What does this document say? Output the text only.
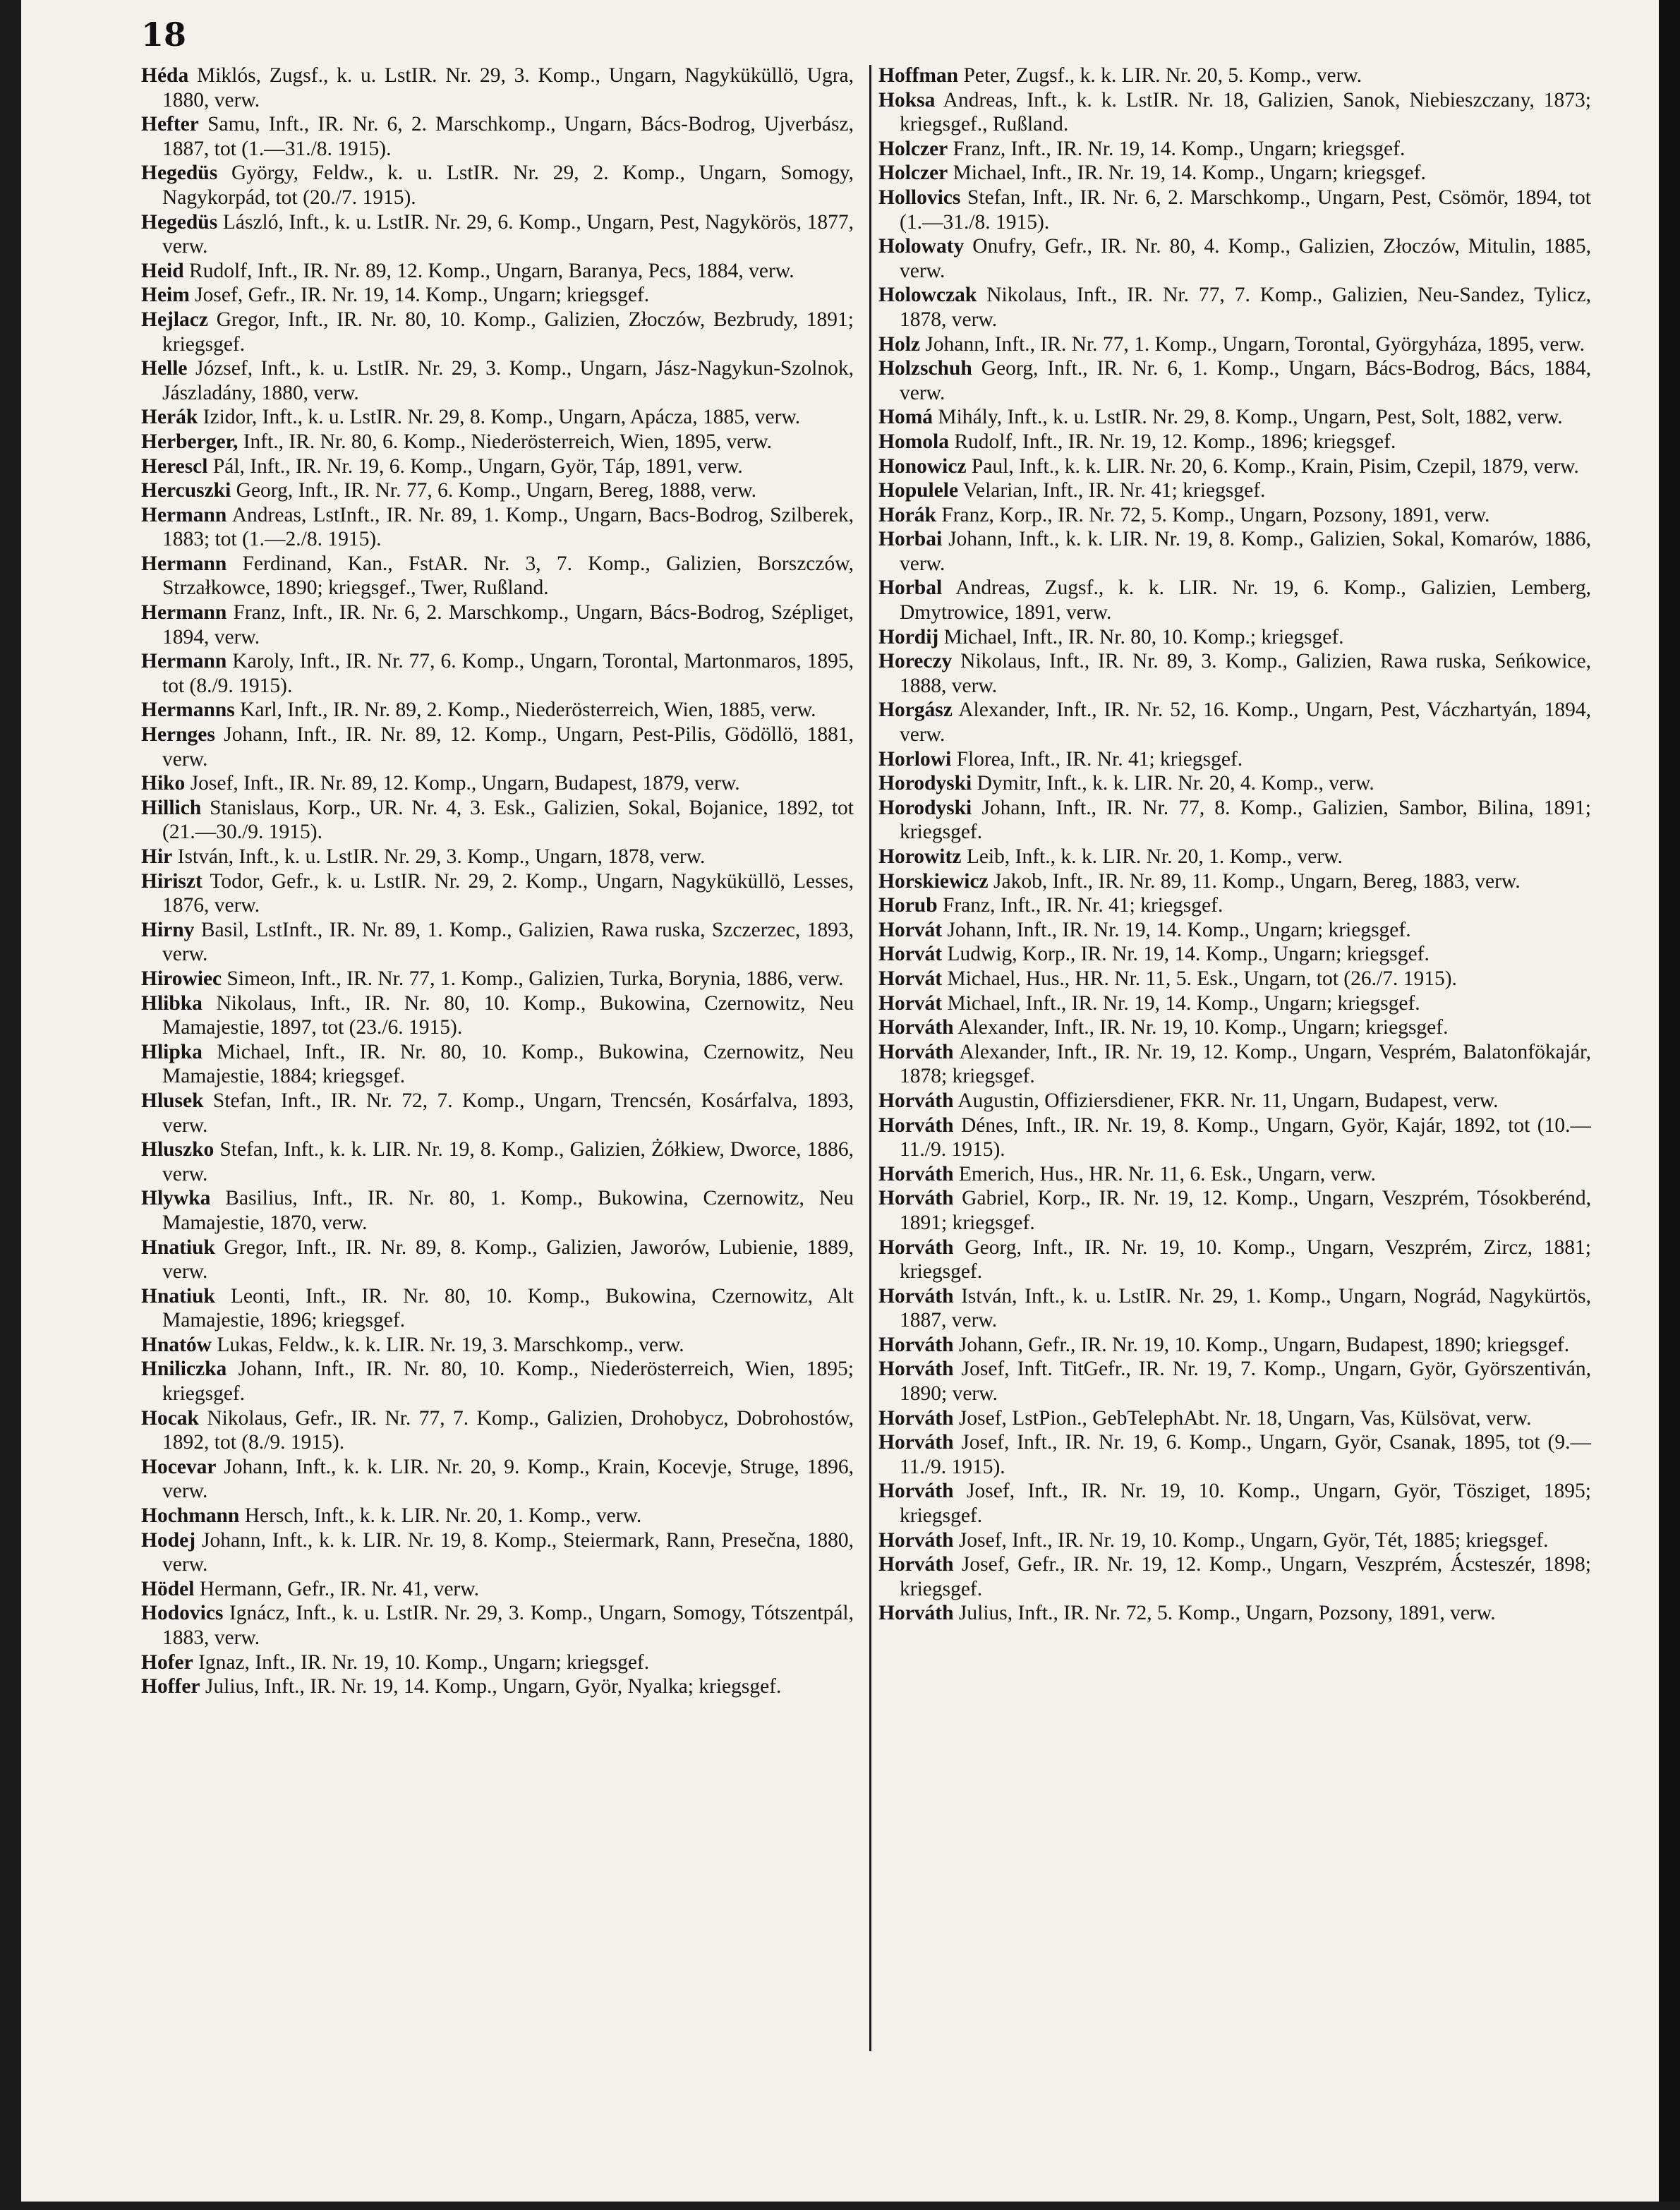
18

Héda Miklós, Zugsf., k. u. LstIR. Nr. 29, 3. Komp., Ungarn, Nagyküküllö, Ugra, 1880, verw.

Hefter Samu, Inft., IR. Nr. 6, 2. Marschkomp., Ungarn, Bács-Bodrog, Ujverbász, 1887, tot (1.—31./8. 1915).

Hegedüs György, Feldw., k. u. LstIR. Nr. 29, 2. Komp., Ungarn, Somogy, Nagykorpád, tot (20./7. 1915).

Hegedüs László, Inft., k. u. LstIR. Nr. 29, 6. Komp., Ungarn, Pest, Nagykörös, 1877, verw.

Heid Rudolf, Inft., IR. Nr. 89, 12. Komp., Ungarn, Baranya, Pecs, 1884, verw.

Heim Josef, Gefr., IR. Nr. 19, 14. Komp., Ungarn; kriegsgef.

Hejlacz Gregor, Inft., IR. Nr. 80, 10. Komp., Galizien, Złoczów, Bezbrudy, 1891; kriegsgef.

Helle József, Inft., k. u. LstIR. Nr. 29, 3. Komp., Ungarn, Jász-Nagykun-Szolnok, Jászladány, 1880, verw.

Herák Izidor, Inft., k. u. LstIR. Nr. 29, 8. Komp., Ungarn, Apácza, 1885, verw.

Herberger, Inft., IR. Nr. 80, 6. Komp., Niederösterreich, Wien, 1895, verw.

Herescl Pál, Inft., IR. Nr. 19, 6. Komp., Ungarn, Györ, Táp, 1891, verw.

Hercuszki Georg, Inft., IR. Nr. 77, 6. Komp., Ungarn, Bereg, 1888, verw.

Hermann Andreas, LstInft., IR. Nr. 89, 1. Komp., Ungarn, Bacs-Bodrog, Szilberek, 1883; tot (1.—2./8. 1915).

Hermann Ferdinand, Kan., FstAR. Nr. 3, 7. Komp., Galizien, Borszczów, Strzałkowce, 1890; kriegsgef., Twer, Rußland.

Hermann Franz, Inft., IR. Nr. 6, 2. Marschkomp., Ungarn, Bács-Bodrog, Szépliget, 1894, verw.

Hermann Karoly, Inft., IR. Nr. 77, 6. Komp., Ungarn, Torontal, Martonmaros, 1895, tot (8./9. 1915).

Hermanns Karl, Inft., IR. Nr. 89, 2. Komp., Niederösterreich, Wien, 1885, verw.

Hernges Johann, Inft., IR. Nr. 89, 12. Komp., Ungarn, Pest-Pilis, Gödöllö, 1881, verw.

Hiko Josef, Inft., IR. Nr. 89, 12. Komp., Ungarn, Budapest, 1879, verw.

Hillich Stanislaus, Korp., UR. Nr. 4, 3. Esk., Galizien, Sokal, Bojanice, 1892, tot (21.—30./9. 1915).

Hir István, Inft., k. u. LstIR. Nr. 29, 3. Komp., Ungarn, 1878, verw.

Hiriszt Todor, Gefr., k. u. LstIR. Nr. 29, 2. Komp., Ungarn, Nagyküküllö, Lesses, 1876, verw.

Hirny Basil, LstInft., IR. Nr. 89, 1. Komp., Galizien, Rawa ruska, Szczerzec, 1893, verw.

Hirowiec Simeon, Inft., IR. Nr. 77, 1. Komp., Galizien, Turka, Borynia, 1886, verw.

Hlibka Nikolaus, Inft., IR. Nr. 80, 10. Komp., Bukowina, Czernowitz, Neu Mamajestie, 1897, tot (23./6. 1915).

Hlipka Michael, Inft., IR. Nr. 80, 10. Komp., Bukowina, Czernowitz, Neu Mamajestie, 1884; kriegsgef.

Hlusek Stefan, Inft., IR. Nr. 72, 7. Komp., Ungarn, Trencsén, Kosárfalva, 1893, verw.

Hluszko Stefan, Inft., k. k. LIR. Nr. 19, 8. Komp., Galizien, Żółkiew, Dworce, 1886, verw.

Hlywka Basilius, Inft., IR. Nr. 80, 1. Komp., Bukowina, Czernowitz, Neu Mamajestie, 1870, verw.

Hnatiuk Gregor, Inft., IR. Nr. 89, 8. Komp., Galizien, Jaworów, Lubienie, 1889, verw.

Hnatiuk Leonti, Inft., IR. Nr. 80, 10. Komp., Bukowina, Czernowitz, Alt Mamajestie, 1896; kriegsgef.

Hnatów Lukas, Feldw., k. k. LIR. Nr. 19, 3. Marschkomp., verw.

Hniliczka Johann, Inft., IR. Nr. 80, 10. Komp., Niederösterreich, Wien, 1895; kriegsgef.

Hocak Nikolaus, Gefr., IR. Nr. 77, 7. Komp., Galizien, Drohobycz, Dobrohostów, 1892, tot (8./9. 1915).

Hocevar Johann, Inft., k. k. LIR. Nr. 20, 9. Komp., Krain, Kocevje, Struge, 1896, verw.

Hochmann Hersch, Inft., k. k. LIR. Nr. 20, 1. Komp., verw.

Hodej Johann, Inft., k. k. LIR. Nr. 19, 8. Komp., Steiermark, Rann, Presečna, 1880, verw.

Hödel Hermann, Gefr., IR. Nr. 41, verw.

Hodovics Ignácz, Inft., k. u. LstIR. Nr. 29, 3. Komp., Ungarn, Somogy, Tótszentpál, 1883, verw.

Hofer Ignaz, Inft., IR. Nr. 19, 10. Komp., Ungarn; kriegsgef.

Hoffer Julius, Inft., IR. Nr. 19, 14. Komp., Ungarn, Györ, Nyalka; kriegsgef.

Hoffman Peter, Zugsf., k. k. LIR. Nr. 20, 5. Komp., verw.

Hoksa Andreas, Inft., k. k. LstIR. Nr. 18, Galizien, Sanok, Niebieszczany, 1873; kriegsgef., Rußland.

Holczer Franz, Inft., IR. Nr. 19, 14. Komp., Ungarn; kriegsgef.

Holczer Michael, Inft., IR. Nr. 19, 14. Komp., Ungarn; kriegsgef.

Hollovics Stefan, Inft., IR. Nr. 6, 2. Marschkomp., Ungarn, Pest, Csömör, 1894, tot (1.—31./8. 1915).

Holowaty Onufry, Gefr., IR. Nr. 80, 4. Komp., Galizien, Złoczów, Mitulin, 1885, verw.

Holowczak Nikolaus, Inft., IR. Nr. 77, 7. Komp., Galizien, Neu-Sandez, Tylicz, 1878, verw.

Holz Johann, Inft., IR. Nr. 77, 1. Komp., Ungarn, Torontal, Györgyháza, 1895, verw.

Holzschuh Georg, Inft., IR. Nr. 6, 1. Komp., Ungarn, Bács-Bodrog, Bács, 1884, verw.

Homá Mihály, Inft., k. u. LstIR. Nr. 29, 8. Komp., Ungarn, Pest, Solt, 1882, verw.

Homola Rudolf, Inft., IR. Nr. 19, 12. Komp., 1896; kriegsgef.

Honowicz Paul, Inft., k. k. LIR. Nr. 20, 6. Komp., Krain, Pisim, Czepil, 1879, verw.

Hopulele Velarian, Inft., IR. Nr. 41; kriegsgef.

Horák Franz, Korp., IR. Nr. 72, 5. Komp., Ungarn, Pozsony, 1891, verw.

Horbai Johann, Inft., k. k. LIR. Nr. 19, 8. Komp., Galizien, Sokal, Komarów, 1886, verw.

Horbal Andreas, Zugsf., k. k. LIR. Nr. 19, 6. Komp., Galizien, Lemberg, Dmytrowice, 1891, verw.

Hordij Michael, Inft., IR. Nr. 80, 10. Komp.; kriegsgef.

Horeczy Nikolaus, Inft., IR. Nr. 89, 3. Komp., Galizien, Rawa ruska, Seńkowice, 1888, verw.

Horgász Alexander, Inft., IR. Nr. 52, 16. Komp., Ungarn, Pest, Váczhartyán, 1894, verw.

Horlowi Florea, Inft., IR. Nr. 41; kriegsgef.

Horodyski Dymitr, Inft., k. k. LIR. Nr. 20, 4. Komp., verw.

Horodyski Johann, Inft., IR. Nr. 77, 8. Komp., Galizien, Sambor, Bilina, 1891; kriegsgef.

Horowitz Leib, Inft., k. k. LIR. Nr. 20, 1. Komp., verw.

Horskiewicz Jakob, Inft., IR. Nr. 89, 11. Komp., Ungarn, Bereg, 1883, verw.

Horub Franz, Inft., IR. Nr. 41; kriegsgef.

Horvát Johann, Inft., IR. Nr. 19, 14. Komp., Ungarn; kriegsgef.

Horvát Ludwig, Korp., IR. Nr. 19, 14. Komp., Ungarn; kriegsgef.

Horvát Michael, Hus., HR. Nr. 11, 5. Esk., Ungarn, tot (26./7. 1915).

Horvát Michael, Inft., IR. Nr. 19, 14. Komp., Ungarn; kriegsgef.

Horváth Alexander, Inft., IR. Nr. 19, 10. Komp., Ungarn; kriegsgef.

Horváth Alexander, Inft., IR. Nr. 19, 12. Komp., Ungarn, Vesprém, Balatonfökajár, 1878; kriegsgef.

Horváth Augustin, Offiziersdiener, FKR. Nr. 11, Ungarn, Budapest, verw.

Horváth Dénes, Inft., IR. Nr. 19, 8. Komp., Ungarn, Györ, Kajár, 1892, tot (10.—11./9. 1915).

Horváth Emerich, Hus., HR. Nr. 11, 6. Esk., Ungarn, verw.

Horváth Gabriel, Korp., IR. Nr. 19, 12. Komp., Ungarn, Veszprém, Tósokberénd, 1891; kriegsgef.

Horváth Georg, Inft., IR. Nr. 19, 10. Komp., Ungarn, Veszprém, Zircz, 1881; kriegsgef.

Horváth István, Inft., k. u. LstIR. Nr. 29, 1. Komp., Ungarn, Nográd, Nagykürtös, 1887, verw.

Horváth Johann, Gefr., IR. Nr. 19, 10. Komp., Ungarn, Budapest, 1890; kriegsgef.

Horváth Josef, Inft. TitGefr., IR. Nr. 19, 7. Komp., Ungarn, Györ, Györszentiván, 1890; verw.

Horváth Josef, LstPion., GebTelephAbt. Nr. 18, Ungarn, Vas, Külsövat, verw.

Horváth Josef, Inft., IR. Nr. 19, 6. Komp., Ungarn, Györ, Csanak, 1895, tot (9.—11./9. 1915).

Horváth Josef, Inft., IR. Nr. 19, 10. Komp., Ungarn, Györ, Tösziget, 1895; kriegsgef.

Horváth Josef, Inft., IR. Nr. 19, 10. Komp., Ungarn, Györ, Tét, 1885; kriegsgef.

Horváth Josef, Gefr., IR. Nr. 19, 12. Komp., Ungarn, Veszprém, Ácsteszér, 1898; kriegsgef.

Horváth Julius, Inft., IR. Nr. 72, 5. Komp., Ungarn, Pozsony, 1891, verw.
